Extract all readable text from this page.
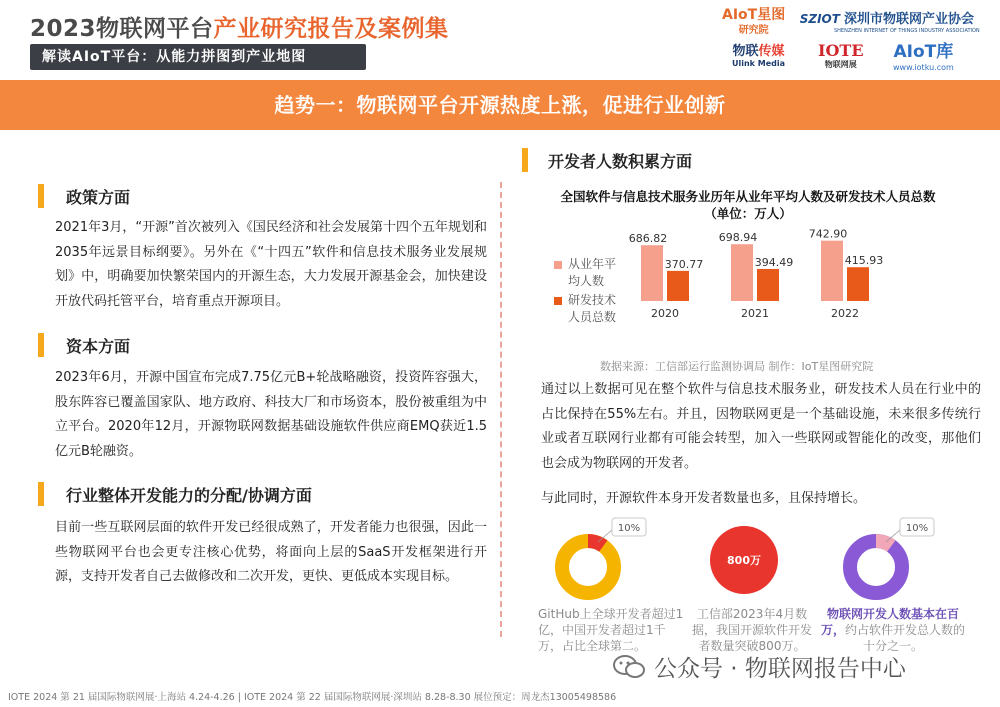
2023物联网平台产业研究报告及案例集
解读AIoT平台：从能力拼图到产业地图
AIoT星图
研究院
SZIOT 深圳市物联网产业协会
SHENZHEN INTERNET OF THINGS INDUSTRY ASSOCIATION
物联传媒
Ulink Media
IOTE
物联网展
AIoT库
www.iotku.com
趋势一：物联网平台开源热度上涨，促进行业创新
政策方面
2021年3月，“开源”首次被列入《国民经济和社会发展第十四个五年规划和2035年远景目标纲要》。另外在《“十四五”软件和信息技术服务业发展规划》中，明确要加快繁荣国内的开源生态，大力发展开源基金会，加快建设开放代码托管平台，培育重点开源项目。
资本方面
2023年6月，开源中国宣布完成7.75亿元B+轮战略融资，投资阵容强大，股东阵容已覆盖国家队、地方政府、科技大厂和市场资本，股份被重组为中立平台。2020年12月，开源物联网数据基础设施软件供应商EMQ获近1.5亿元B轮融资。
行业整体开发能力的分配/协调方面
目前一些互联网层面的软件开发已经很成熟了，开发者能力也很强，因此一些物联网平台也会更专注核心优势，将面向上层的SaaS开发框架进行开源，支持开发者自己去做修改和二次开发，更快、更低成本实现目标。
开发者人数积累方面
全国软件与信息技术服务业历年从业年平均人数及研发技术人员总数
（单位：万人）
从业年平均人数
研发技术人员总数
686.82
370.77
2020
698.94
394.49
2021
742.90
415.93
2022
数据来源：工信部运行监测协调局 制作：IoT星图研究院
通过以上数据可见在整个软件与信息技术服务业，研发技术人员在行业中的占比保持在55%左右。并且，因物联网更是一个基础设施，未来很多传统行业或者互联网行业都有可能会转型，加入一些联网或智能化的改变，那他们也会成为物联网的开发者。
与此同时，开源软件本身开发者数量也多，且保持增长。
10%
800万
10%
GitHub上全球开发者超过1亿，中国开发者超过1千万，占比全球第二。
工信部2023年4月数据，我国开源软件开发者数量突破800万。
物联网开发人数基本在百万，约占软件开发总人数的十分之一。
公众号 · 物联网报告中心
IOTE 2024 第 21 届国际物联网展·上海站 4.24-4.26 | IOTE 2024 第 22 届国际物联网展·深圳站 8.28-8.30 展位预定：周龙杰13005498586
